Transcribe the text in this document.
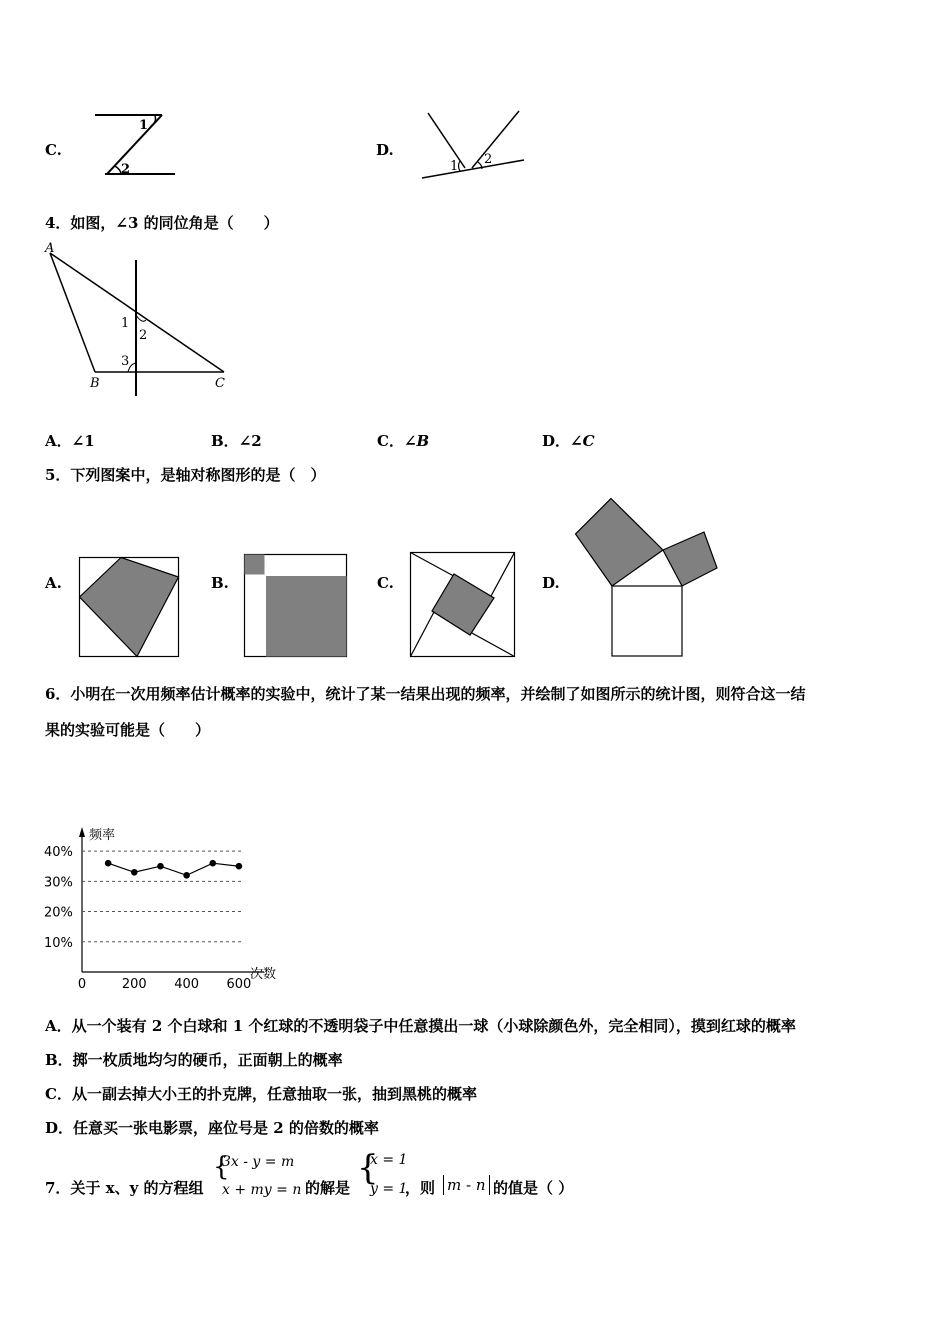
C.
1
2
D.
1 2
4．如图，∠3 的同位角是（　　）
A
B	C
1
2
3
A．∠1	B．∠2	C．∠B	D．∠C
5．下列图案中，是轴对称图形的是（　）
A.	B.	C.	D.
6．小明在一次用频率估计概率的实验中，统计了某一结果出现的频率，并绘制了如图所示的统计图，则符合这一结
果的实验可能是（　　）
频率
次数
10%
20%
30%
40%
0	200 400 600
A．从一个装有 2 个白球和 1 个红球的不透明袋子中任意摸出一球（小球除颜色外，完全相同），摸到红球的概率
B．掷一枚质地均匀的硬币，正面朝上的概率
C．从一副去掉大小王的扑克牌，任意抽取一张，抽到黑桃的概率
D．任意买一张电影票，座位号是 2 的倍数的概率
7．关于 x、y 的方程组
{
3x - y = m
x + my = n 的解是 {
x = 1
y = 1
，则 m - n 的值是（ ）
